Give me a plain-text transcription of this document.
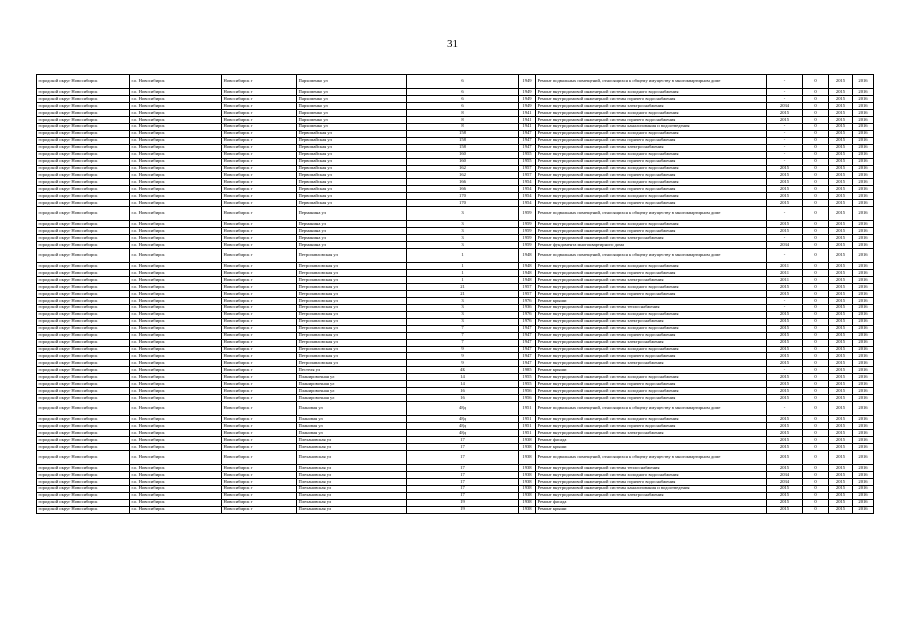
31
городской округ Новосибирск	г.о. Новосибирск	Новосибирск г	Пархоменко ул	6	1949	Ремонт подвальных помещений, относящихся к общему имуществу в многоквартирном доме	-	0	2015	2016
городской округ Новосибирск	г.о. Новосибирск	Новосибирск г	Пархоменко ул	6	1949	Ремонт внутридомовой инженерной системы холодного водоснабжения	-	0	2015	2016
городской округ Новосибирск	г.о. Новосибирск	Новосибирск г	Пархоменко ул	6	1949	Ремонт внутридомовой инженерной системы горячего водоснабжения	-	0	2015	2016
городской округ Новосибирск	г.о. Новосибирск	Новосибирск г	Пархоменко ул	6	1949	Ремонт внутридомовой инженерной системы электроснабжения	2034	0	2015	2016
городской округ Новосибирск	г.о. Новосибирск	Новосибирск г	Пархоменко ул	8	1941	Ремонт внутридомовой инженерной системы холодного водоснабжения	2015	0	2015	2016
городской округ Новосибирск	г.о. Новосибирск	Новосибирск г	Пархоменко ул	8	1941	Ремонт внутридомовой инженерной системы горячего водоснабжения	2015	0	2015	2016
городской округ Новосибирск	г.о. Новосибирск	Новосибирск г	Пархоменко ул	8	1941	Ремонт внутридомовой инженерной системы канализования и водоотведения	-	0	2015	2016
городской округ Новосибирск	г.о. Новосибирск	Новосибирск г	Первомайская ул	158	1947	Ремонт внутридомовой инженерной системы холодного водоснабжения	-	0	2015	2016
городской округ Новосибирск	г.о. Новосибирск	Новосибирск г	Первомайская ул	158	1947	Ремонт внутридомовой инженерной системы горячего водоснабжения	-	0	2015	2016
городской округ Новосибирск	г.о. Новосибирск	Новосибирск г	Первомайская ул	158	1947	Ремонт внутридомовой инженерной системы электроснабжения	-	0	2015	2016
городской округ Новосибирск	г.о. Новосибирск	Новосибирск г	Первомайская ул	160	1955	Ремонт внутридомовой инженерной системы холодного водоснабжения	-	0	2015	2016
городской округ Новосибирск	г.о. Новосибирск	Новосибирск г	Первомайская ул	160	1955	Ремонт внутридомовой инженерной системы горячего водоснабжения	-	0	2015	2016
городской округ Новосибирск	г.о. Новосибирск	Новосибирск г	Первомайская ул	162	1957	Ремонт внутридомовой инженерной системы холодного водоснабжения	2015	0	2015	2016
городской округ Новосибирск	г.о. Новосибирск	Новосибирск г	Первомайская ул	162	1957	Ремонт внутридомовой инженерной системы горячего водоснабжения	2015	0	2015	2016
городской округ Новосибирск	г.о. Новосибирск	Новосибирск г	Первомайская ул	166	1954	Ремонт внутридомовой инженерной системы холодного водоснабжения	2015	0	2015	2016
городской округ Новосибирск	г.о. Новосибирск	Новосибирск г	Первомайская ул	166	1954	Ремонт внутридомовой инженерной системы горячего водоснабжения	2015	0	2015	2016
городской округ Новосибирск	г.о. Новосибирск	Новосибирск г	Первомайская ул	170	1954	Ремонт внутридомовой инженерной системы холодного водоснабжения	2015	0	2015	2016
городской округ Новосибирск	г.о. Новосибирск	Новосибирск г	Первомайская ул	170	1954	Ремонт внутридомовой инженерной системы горячего водоснабжения	2015	0	2015	2016
городской округ Новосибирск	г.о. Новосибирск	Новосибирск г	Перманина ул	3	1959	Ремонт подвальных помещений, относящихся к общему имуществу в многоквартирном доме	-	0	2015	2016
городской округ Новосибирск	г.о. Новосибирск	Новосибирск г	Перманина ул	3	1959	Ремонт внутридомовой инженерной системы холодного водоснабжения	2015	0	2015	2016
городской округ Новосибирск	г.о. Новосибирск	Новосибирск г	Перманина ул	3	1959	Ремонт внутридомовой инженерной системы горячего водоснабжения	2015	0	2015	2016
городской округ Новосибирск	г.о. Новосибирск	Новосибирск г	Перманина ул	3	1959	Ремонт внутридомовой инженерной системы электроснабжения	-	0	2015	2016
городской округ Новосибирск	г.о. Новосибирск	Новосибирск г	Перманина ул	3	1959	Ремонт фундамента многоквартирного дома	2034	0	2015	2016
городской округ Новосибирск	г.о. Новосибирск	Новосибирск г	Петропавловская ул	1	1948	Ремонт подвальных помещений, относящихся к общему имуществу в многоквартирном доме	-	0	2015	2016
городской округ Новосибирск	г.о. Новосибирск	Новосибирск г	Петропавловская ул	1	1948	Ремонт внутридомовой инженерной системы холодного водоснабжения	2011	0	2015	2016
городской округ Новосибирск	г.о. Новосибирск	Новосибирск г	Петропавловская ул	1	1948	Ремонт внутридомовой инженерной системы горячего водоснабжения	2011	0	2015	2016
городской округ Новосибирск	г.о. Новосибирск	Новосибирск г	Петропавловская ул	1	1948	Ремонт внутридомовой инженерной системы электроснабжения	2011	0	2015	2016
городской округ Новосибирск	г.о. Новосибирск	Новосибирск г	Петропавловская ул	21	1957	Ремонт внутридомовой инженерной системы холодного водоснабжения	2015	0	2015	2016
городской округ Новосибирск	г.о. Новосибирск	Новосибирск г	Петропавловская ул	21	1957	Ремонт внутридомовой инженерной системы горячего водоснабжения	2015	0	2015	2016
городской округ Новосибирск	г.о. Новосибирск	Новосибирск г	Петропавловская ул	3	1976	Ремонт крыши	-	0	2015	2016
городской округ Новосибирск	г.о. Новосибирск	Новосибирск г	Петропавловская ул	3	1936	Ремонт внутридомовой инженерной системы теплоснабжения	-	0	2015	2016
городской округ Новосибирск	г.о. Новосибирск	Новосибирск г	Петропавловская ул	3	1976	Ремонт внутридомовой инженерной системы холодного водоснабжения	2015	0	2015	2016
городской округ Новосибирск	г.о. Новосибирск	Новосибирск г	Петропавловская ул	3	1976	Ремонт внутридомовой инженерной системы электроснабжения	2015	0	2015	2016
городской округ Новосибирск	г.о. Новосибирск	Новосибирск г	Петропавловская ул	7	1947	Ремонт внутридомовой инженерной системы холодного водоснабжения	2015	0	2015	2016
городской округ Новосибирск	г.о. Новосибирск	Новосибирск г	Петропавловская ул	7	1947	Ремонт внутридомовой инженерной системы горячего водоснабжения	2015	0	2015	2016
городской округ Новосибирск	г.о. Новосибирск	Новосибирск г	Петропавловская ул	7	1947	Ремонт внутридомовой инженерной системы электроснабжения	2015	0	2015	2016
городской округ Новосибирск	г.о. Новосибирск	Новосибирск г	Петропавловская ул	9	1947	Ремонт внутридомовой инженерной системы холодного водоснабжения	2015	0	2015	2016
городской округ Новосибирск	г.о. Новосибирск	Новосибирск г	Петропавловская ул	9	1947	Ремонт внутридомовой инженерной системы горячего водоснабжения	2015	0	2015	2016
городской округ Новосибирск	г.о. Новосибирск	Новосибирск г	Петропавловская ул	9	1947	Ремонт внутридомовой инженерной системы электроснабжения	2015	0	2015	2016
городской округ Новосибирск	г.о. Новосибирск	Новосибирск г	Пестеля ул	4Б	1985	Ремонт крыши	-	0	2015	2016
городской округ Новосибирск	г.о. Новосибирск	Новосибирск г	Планировочная ул	14	1955	Ремонт внутридомовой инженерной системы холодного водоснабжения	2015	0	2015	2016
городской округ Новосибирск	г.о. Новосибирск	Новосибирск г	Планировочная ул	14	1955	Ремонт внутридомовой инженерной системы горячего водоснабжения	2015	0	2015	2016
городской округ Новосибирск	г.о. Новосибирск	Новосибирск г	Планировочная ул	16	1956	Ремонт внутридомовой инженерной системы холодного водоснабжения	2015	0	2015	2016
городской округ Новосибирск	г.о. Новосибирск	Новосибирск г	Планировочная ул	16	1956	Ремонт внутридомовой инженерной системы горячего водоснабжения	2015	0	2015	2016
городской округ Новосибирск	г.о. Новосибирск	Новосибирск г	Плановая ул	48д	1951	Ремонт подвальных помещений, относящихся к общему имуществу в многоквартирном доме	-	0	2015	2016
городской округ Новосибирск	г.о. Новосибирск	Новосибирск г	Плановая ул	48д	1951	Ремонт внутридомовой инженерной системы холодного водоснабжения	2015	0	2015	2016
городской округ Новосибирск	г.о. Новосибирск	Новосибирск г	Плановая ул	48д	1951	Ремонт внутридомовой инженерной системы горячего водоснабжения	2015	0	2015	2016
городской округ Новосибирск	г.о. Новосибирск	Новосибирск г	Плановая ул	48д	1951	Ремонт внутридомовой инженерной системы электроснабжения	2015	0	2015	2016
городской округ Новосибирск	г.о. Новосибирск	Новосибирск г	Плехановская ул	17	1938	Ремонт фасада	2015	0	2015	2016
городской округ Новосибирск	г.о. Новосибирск	Новосибирск г	Плехановская ул	17	1938	Ремонт крыши	2015	0	2015	2016
городской округ Новосибирск	г.о. Новосибирск	Новосибирск г	Плехановская ул	17	1938	Ремонт подвальных помещений, относящихся к общему имуществу в многоквартирном доме	2015	0	2015	2016
городской округ Новосибирск	г.о. Новосибирск	Новосибирск г	Плехановская ул	17	1938	Ремонт внутридомовой инженерной системы теплоснабжения	2015	0	2015	2016
городской округ Новосибирск	г.о. Новосибирск	Новосибирск г	Плехановская ул	17	1938	Ремонт внутридомовой инженерной системы холодного водоснабжения	2034	0	2015	2016
городской округ Новосибирск	г.о. Новосибирск	Новосибирск г	Плехановская ул	17	1938	Ремонт внутридомовой инженерной системы горячего водоснабжения	2034	0	2015	2016
городской округ Новосибирск	г.о. Новосибирск	Новосибирск г	Плехановская ул	17	1938	Ремонт внутридомовой инженерной системы канализования и водоотведения	2015	0	2015	2016
городской округ Новосибирск	г.о. Новосибирск	Новосибирск г	Плехановская ул	17	1938	Ремонт внутридомовой инженерной системы электроснабжения	2015	0	2015	2016
городской округ Новосибирск	г.о. Новосибирск	Новосибирск г	Плехановская ул	19	1938	Ремонт фасада	2015	0	2015	2016
городской округ Новосибирск	г.о. Новосибирск	Новосибирск г	Плехановская ул	19	1938	Ремонт крыши	2015	0	2015	2016
